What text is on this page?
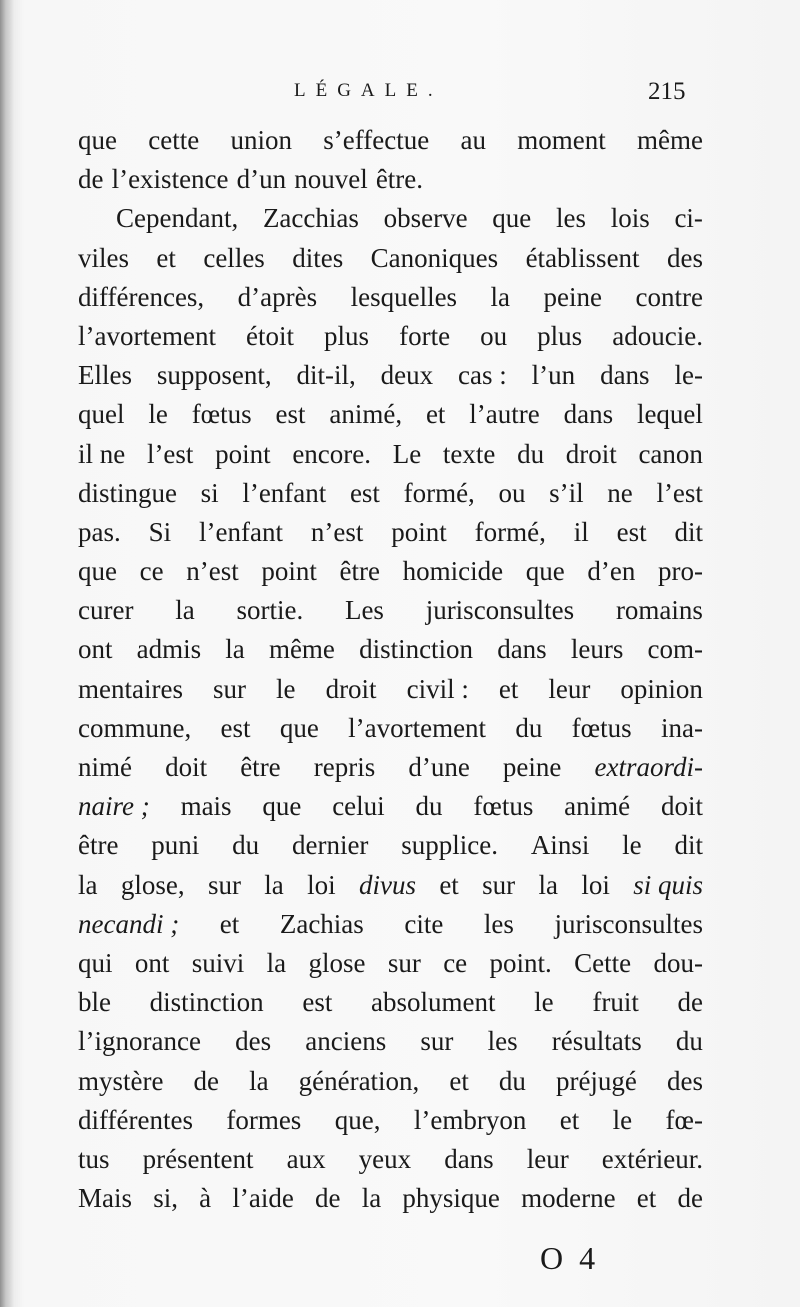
LÉGALE.	215
que cette union s’effectue au moment même
de l’existence d’un nouvel être.
Cependant, Zacchias observe que les lois ci-
viles et celles dites Canoniques établissent des
différences, d’après lesquelles la peine contre
l’avortement étoit plus forte ou plus adoucie.
Elles supposent, dit-il, deux cas : l’un dans le-
quel le fœtus est animé, et l’autre dans lequel
il ne l’est point encore. Le texte du droit canon
distingue si l’enfant est formé, ou s’il ne l’est
pas. Si l’enfant n’est point formé, il est dit
que ce n’est point être homicide que d’en pro-
curer la sortie. Les jurisconsultes romains
ont admis la même distinction dans leurs com-
mentaires sur le droit civil : et leur opinion
commune, est que l’avortement du fœtus ina-
nimé doit être repris d’une peine extraordi-
naire ; mais que celui du fœtus animé doit
être puni du dernier supplice. Ainsi le dit
la glose, sur la loi divus et sur la loi si quis
necandi ; et Zachias cite les jurisconsultes
qui ont suivi la glose sur ce point. Cette dou-
ble distinction est absolument le fruit de
l’ignorance des anciens sur les résultats du
mystère de la génération, et du préjugé des
différentes formes que, l’embryon et le fœ-
tus présentent aux yeux dans leur extérieur.
Mais si, à l’aide de la physique moderne et de
O 4
